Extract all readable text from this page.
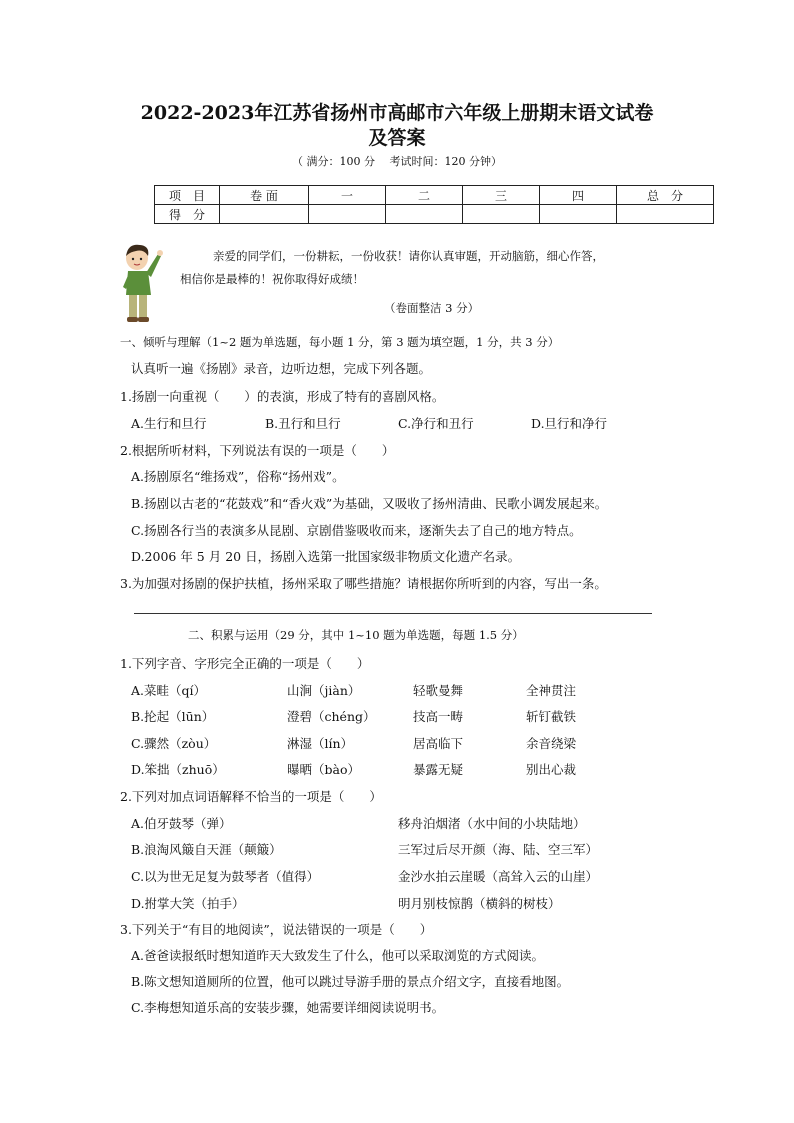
2022-2023年江苏省扬州市高邮市六年级上册期末语文试卷
及答案
（ 满分：100 分　 考试时间：120 分钟）
项　目	卷 面	一	二	三	四	总　分
得　分						
亲爱的同学们，一份耕耘，一份收获！请你认真审题，开动脑筋，细心作答，
相信你是最棒的！祝你取得好成绩！
（卷面整洁 3 分）
一、倾听与理解（1~2 题为单选题，每小题 1 分，第 3 题为填空题，1 分，共 3 分）
认真听一遍《扬剧》录音，边听边想，完成下列各题。
1.扬剧一向重视（　　）的表演，形成了特有的喜剧风格。
A.生行和旦行	B.丑行和旦行	C.净行和丑行	D.旦行和净行
2.根据所听材料，下列说法有误的一项是（　　）
A.扬剧原名“维扬戏”，俗称“扬州戏”。
B.扬剧以古老的“花鼓戏”和“香火戏”为基础，又吸收了扬州清曲、民歌小调发展起来。
C.扬剧各行当的表演多从昆剧、京剧借鉴吸收而来，逐渐失去了自己的地方特点。
D.2006 年 5 月 20 日，扬剧入选第一批国家级非物质文化遗产名录。
3.为加强对扬剧的保护扶植，扬州采取了哪些措施？请根据你所听到的内容，写出一条。
二、积累与运用（29 分，其中 1~10 题为单选题，每题 1.5 分）
1.下列字音、字形完全正确的一项是（　　）
A.菜畦（qí）	山涧（jiàn）	轻歌曼舞	全神贯注
B.抡起（lūn）	澄碧（chéng）	技高一畴	斩钉截铁
C.骤然（zòu）	淋湿（lín）	居高临下	余音绕梁
D.笨拙（zhuō）	曝晒（bào）	暴露无疑	别出心裁
2.下列对加点词语解释不恰当的一项是（　　）
A.伯牙鼓琴（弹）	移舟泊烟渚（水中间的小块陆地）
B.浪淘风簸自天涯（颠簸）	三军过后尽开颜（海、陆、空三军）
C.以为世无足复为鼓琴者（值得）	金沙水拍云崖暖（高耸入云的山崖）
D.拊掌大笑（拍手）	明月别枝惊鹊（横斜的树枝）
3.下列关于“有目的地阅读”，说法错误的一项是（　　）
A.爸爸读报纸时想知道昨天大致发生了什么，他可以采取浏览的方式阅读。
B.陈文想知道厕所的位置，他可以跳过导游手册的景点介绍文字，直接看地图。
C.李梅想知道乐高的安装步骤，她需要详细阅读说明书。
